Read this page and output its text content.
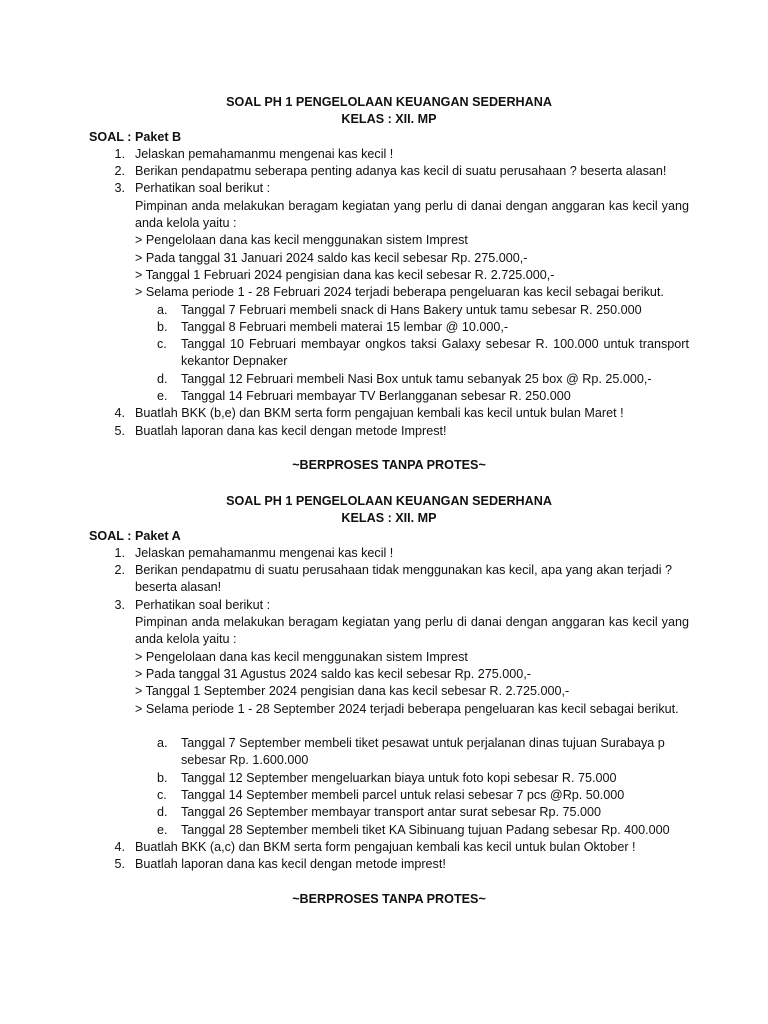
SOAL PH 1 PENGELOLAAN KEUANGAN SEDERHANA
KELAS : XII. MP
SOAL : Paket B
1 . Jelaskan pemahamanmu mengenai kas kecil !
2 . Berikan pendapatmu seberapa penting adanya kas kecil di suatu perusahaan ? beserta alasan!
3 . Perhatikan soal berikut :
Pimpinan anda melakukan beragam kegiatan yang perlu di danai dengan anggaran kas kecil yang anda kelola yaitu :
> Pengelolaan dana kas kecil menggunakan sistem Imprest
> Pada tanggal 31 Januari 2024 saldo kas kecil sebesar Rp. 275.000,-
> Tanggal 1 Februari 2024 pengisian dana kas kecil sebesar R. 2.725.000,-
> Selama periode 1 - 28 Februari 2024 terjadi beberapa pengeluaran kas kecil sebagai berikut.
a . Tanggal 7 Februari membeli snack di Hans Bakery untuk tamu sebesar R. 250.000
b . Tanggal 8 Februari membeli materai 15 lembar @ 10.000,-
c . Tanggal 10 Februari membayar ongkos taksi Galaxy sebesar R. 100.000 untuk transport kekantor Depnaker
d . Tanggal 12 Februari membeli Nasi Box untuk tamu sebanyak 25 box @ Rp. 25.000,-
e . Tanggal 14 Februari membayar TV Berlangganan sebesar R. 250.000
4 . Buatlah BKK (b,e) dan BKM serta form pengajuan kembali kas kecil untuk bulan Maret !
5 . Buatlah laporan dana kas kecil dengan metode Imprest!
~BERPROSES TANPA PROTES~
SOAL PH 1 PENGELOLAAN KEUANGAN SEDERHANA
KELAS : XII. MP
SOAL : Paket A
1 . Jelaskan pemahamanmu mengenai kas kecil !
2 . Berikan pendapatmu di suatu perusahaan tidak menggunakan kas kecil, apa yang akan terjadi ? beserta alasan!
3 . Perhatikan soal berikut :
Pimpinan anda melakukan beragam kegiatan yang perlu di danai dengan anggaran kas kecil yang anda kelola yaitu :
> Pengelolaan dana kas kecil menggunakan sistem Imprest
> Pada tanggal 31 Agustus 2024 saldo kas kecil sebesar Rp. 275.000,-
> Tanggal 1 September 2024 pengisian dana kas kecil sebesar R. 2.725.000,-
> Selama periode 1 - 28 September 2024 terjadi beberapa pengeluaran kas kecil sebagai berikut.
a . Tanggal 7 September membeli tiket pesawat untuk perjalanan dinas tujuan Surabaya p sebesar Rp. 1.600.000
b . Tanggal 12 September mengeluarkan biaya untuk foto kopi sebesar R. 75.000
c . Tanggal 14 September membeli parcel untuk relasi sebesar 7 pcs @Rp. 50.000
d . Tanggal 26 September membayar transport antar surat sebesar Rp. 75.000
e . Tanggal 28 September membeli tiket KA Sibinuang tujuan Padang sebesar Rp. 400.000
4 . Buatlah BKK (a,c) dan BKM serta form pengajuan kembali kas kecil untuk bulan Oktober !
5 . Buatlah laporan dana kas kecil dengan metode imprest!
~BERPROSES TANPA PROTES~
